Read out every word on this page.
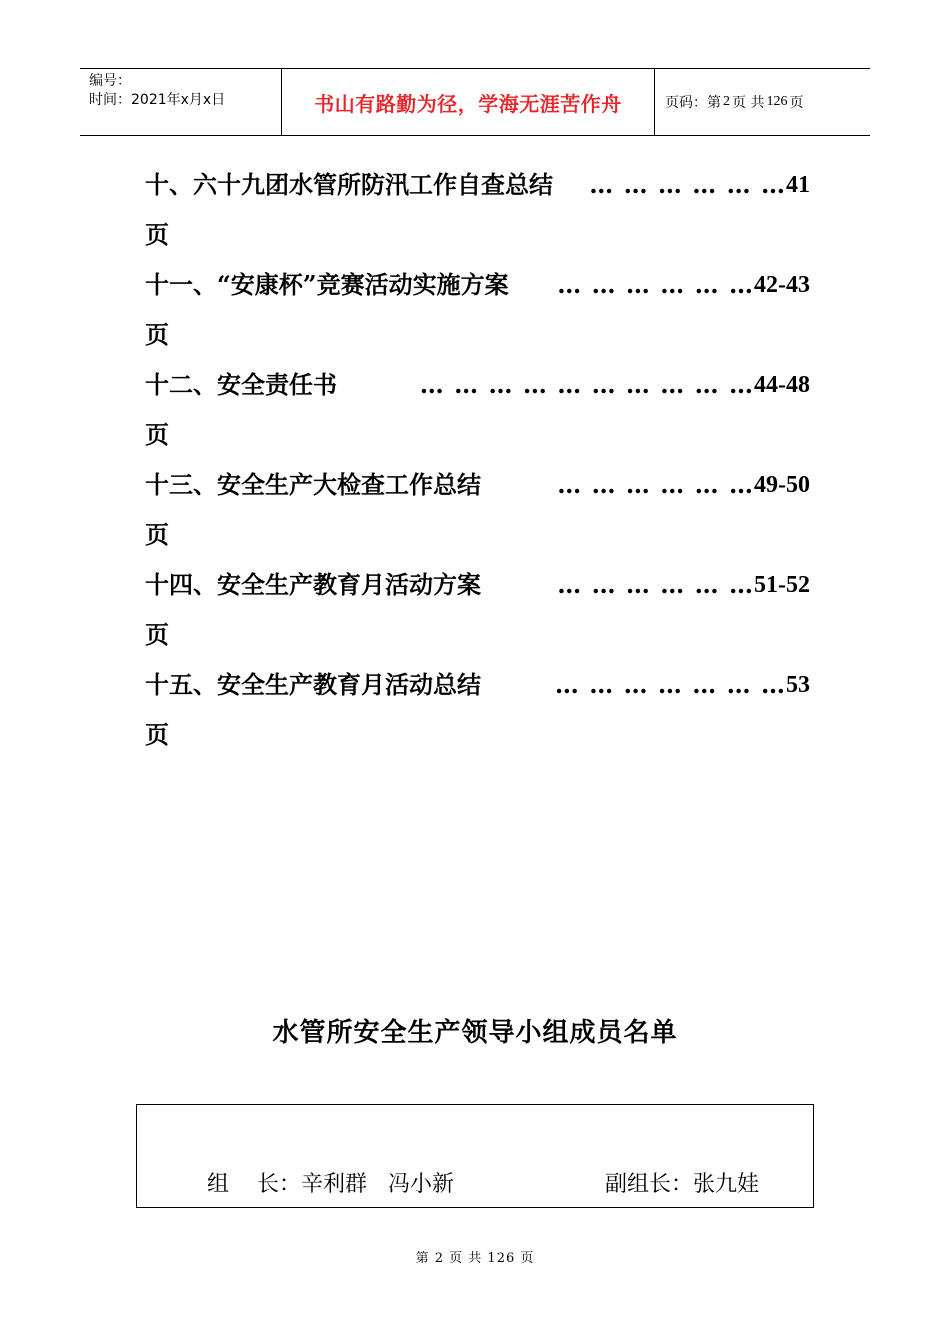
编号：
时间：2021年x月x日	书山有路勤为径，学海无涯苦作舟	页码：第 2 页 共 126 页
十、六十九团水管所防汛工作自查总结	… … … … … … 41
页
十一、“安康杯”竞赛活动实施方案	… … … … … … 42-43
页
十二、安全责任书	… … … … … … … … … … 44-48
页
十三、安全生产大检查工作总结	… … … … … … 49-50
页
十四、安全生产教育月活动方案	… … … … … … 51-52
页
十五、安全生产教育月活动总结	… … … … … … … 53
页
水管所安全生产领导小组成员名单
组    长：辛利群   冯小新	副组长：张九娃
第 2 页 共 126 页
